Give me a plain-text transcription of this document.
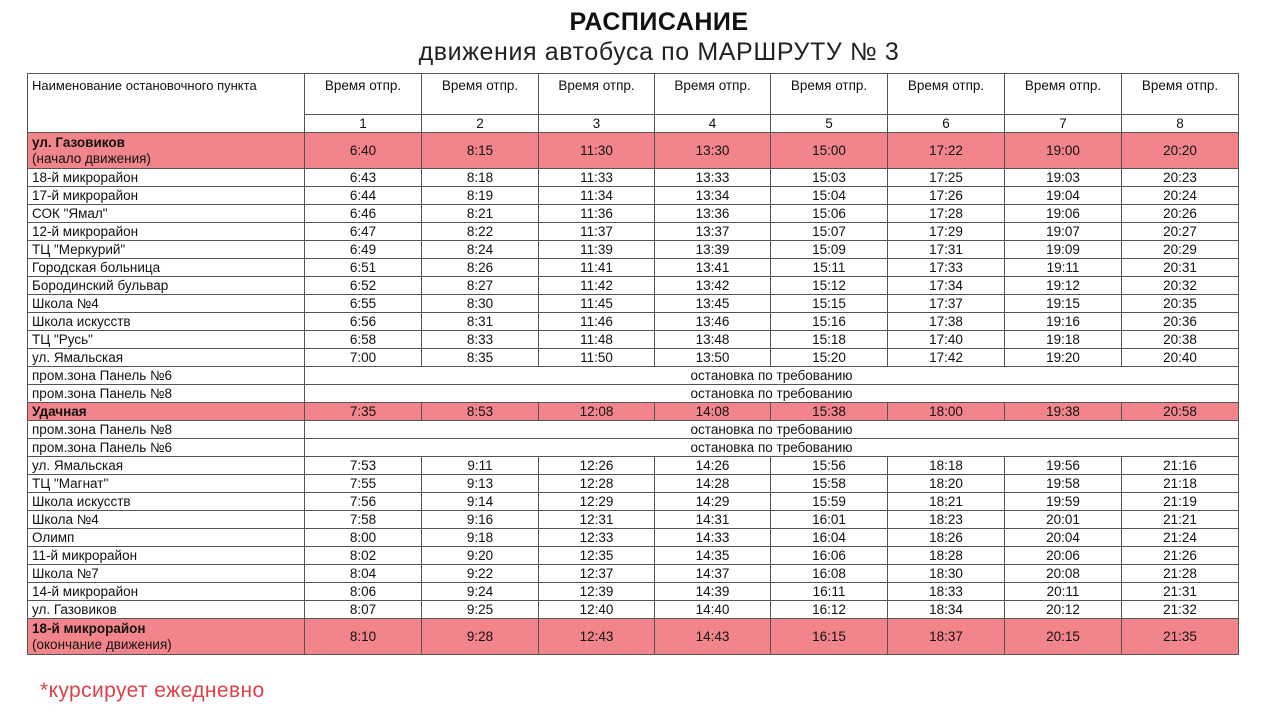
РАСПИСАНИЕ
движения автобуса по МАРШРУТУ № 3
Наименование остановочного пункта	Время отпр.	Время отпр.	Время отпр.	Время отпр.	Время отпр.	Время отпр.	Время отпр.	Время отпр.
	1	2	3	4	5	6	7	8

ул. Газовиков
(начало движения)	6:40	8:15	11:30	13:30	15:00	17:22	19:00	20:20

18-й микрорайон	6:43	8:18	11:33	13:33	15:03	17:25	19:03	20:23

17-й микрорайон	6:44	8:19	11:34	13:34	15:04	17:26	19:04	20:24

СОК "Ямал"	6:46	8:21	11:36	13:36	15:06	17:28	19:06	20:26

12-й микрорайон	6:47	8:22	11:37	13:37	15:07	17:29	19:07	20:27

ТЦ "Меркурий"	6:49	8:24	11:39	13:39	15:09	17:31	19:09	20:29

Городская больница	6:51	8:26	11:41	13:41	15:11	17:33	19:11	20:31

Бородинский бульвар	6:52	8:27	11:42	13:42	15:12	17:34	19:12	20:32

Школа №4	6:55	8:30	11:45	13:45	15:15	17:37	19:15	20:35

Школа искусств	6:56	8:31	11:46	13:46	15:16	17:38	19:16	20:36

ТЦ "Русь"	6:58	8:33	11:48	13:48	15:18	17:40	19:18	20:38

ул. Ямальская	7:00	8:35	11:50	13:50	15:20	17:42	19:20	20:40

пром.зона Панель №6	остановка по требованию							

пром.зона Панель №8	остановка по требованию							

Удачная	7:35	8:53	12:08	14:08	15:38	18:00	19:38	20:58

пром.зона Панель №8	остановка по требованию							

пром.зона Панель №6	остановка по требованию							

ул. Ямальская	7:53	9:11	12:26	14:26	15:56	18:18	19:56	21:16

ТЦ "Магнат"	7:55	9:13	12:28	14:28	15:58	18:20	19:58	21:18

Школа искусств	7:56	9:14	12:29	14:29	15:59	18:21	19:59	21:19

Школа №4	7:58	9:16	12:31	14:31	16:01	18:23	20:01	21:21

Олимп	8:00	9:18	12:33	14:33	16:04	18:26	20:04	21:24

11-й микрорайон	8:02	9:20	12:35	14:35	16:06	18:28	20:06	21:26

Школа №7	8:04	9:22	12:37	14:37	16:08	18:30	20:08	21:28

14-й микрорайон	8:06	9:24	12:39	14:39	16:11	18:33	20:11	21:31

ул. Газовиков	8:07	9:25	12:40	14:40	16:12	18:34	20:12	21:32

18-й микрорайон
(окончание движения)	8:10	9:28	12:43	14:43	16:15	18:37	20:15	21:35
*курсирует ежедневно
